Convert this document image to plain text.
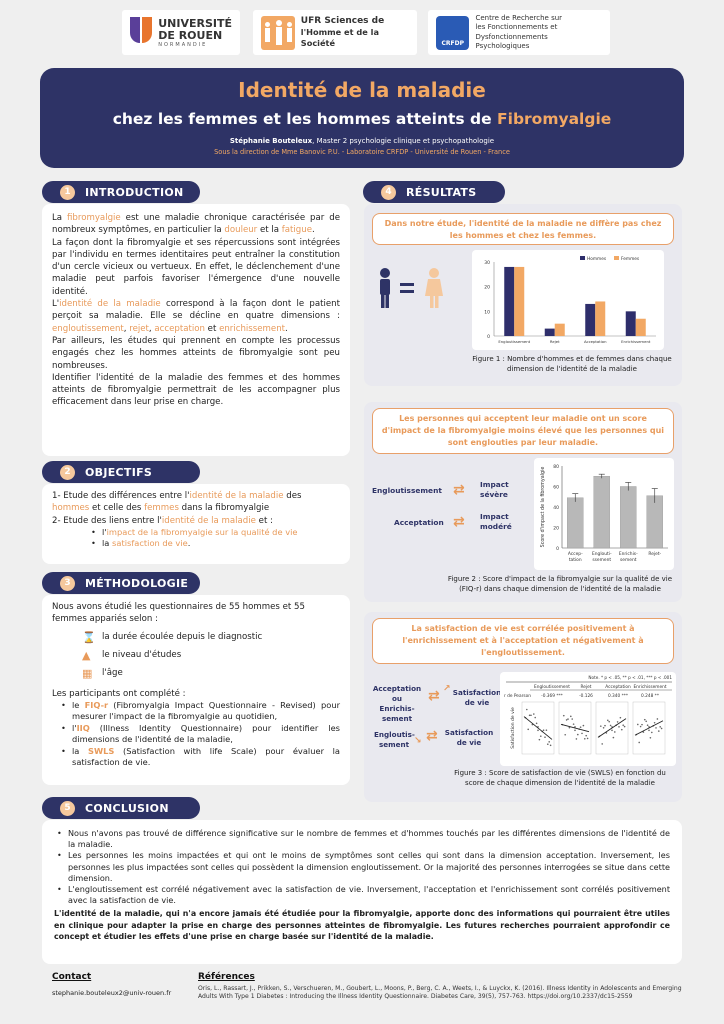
UNIVERSITÉ
DE ROUEN
NORMANDIE
UFR Sciences de
l'Homme et de la Société	CRFDP
Centre de Recherche sur
les Fonctionnements et
Dysfonctionnements Psychologiques
Identité de la maladie
chez les femmes et les hommes atteints de Fibromyalgie
Stéphanie Bouteleux, Master 2 psychologie clinique et psychopathologie
Sous la direction de Mme Banovic P.U. - Laboratoire CRFDP - Université de Rouen - France
1	INTRODUCTION

La fibromyalgie est une maladie chronique caractérisée par de nombreux symptômes, en particulier la douleur et la fatigue.

La façon dont la fibromyalgie et ses répercussions sont intégrées par l'individu en termes identitaires peut entraîner la constitution d'un cercle vicieux ou vertueux. En effet, le déclenchement d'une maladie peut parfois favoriser l'émergence d'une nouvelle identité.

L'identité de la maladie correspond à la façon dont le patient perçoit sa maladie. Elle se décline en quatre dimensions : engloutissement, rejet, acceptation et enrichissement.

Par ailleurs, les études qui prennent en compte les processus engagés chez les hommes atteints de fibromyalgie sont peu nombreuses.

Identifier l'identité de la maladie des femmes et des hommes atteints de fibromyalgie permettrait de les accompagner plus efficacement dans leur prise en charge.

2	OBJECTIFS

1- Etude des différences entre l'identité de la maladie des hommes et celle des femmes dans la fibromyalgie

2- Etude des liens entre l'identité de la maladie et :

• l'impact de la fibromyalgie sur la qualité de vie
• la satisfaction de vie.
3	MÉTHODOLOGIE

Nous avons étudié les questionnaires de 55 hommes et 55 femmes appariés selon :

⌛ la durée écoulée depuis le diagnostic
▲	le niveau d'études
▦	l'âge

Les participants ont complété :

• le FIQ-r (Fibromyalgia Impact Questionnaire - Revised) pour mesurer l'impact de la fibromyalgie au quotidien,
• l'IIQ (Illness Identity Questionnaire) pour identifier les dimensions de l'identité de la maladie,
• la SWLS (Satisfaction with life Scale) pour évaluer la satisfaction de vie.
4	RÉSULTATS
Dans notre étude, l'identité de la maladie ne diffère pas chez les hommes et chez les femmes.
0
10
20
30
Engloutissement	Rejet	Acceptation	Enrichissement
Hommes	Femmes
Figure 1 : Nombre d'hommes et de femmes dans chaque dimension de l'identité de la maladie
Les personnes qui acceptent leur maladie ont un score d'impact de la fibromyalgie moins élevé que les personnes qui sont englouties par leur maladie.
Engloutissement ⇄ Impact
sévère
Acceptation ⇄ Impact
modéré
0
20
40
60
80
Score d'impact de la fibromyalgie
Accep-
tation
Englouti-
ssement
Enrichis-
sement
Rejet-
Figure 2 : Score d'impact de la fibromyalgie sur la qualité de vie (FIQ-r) dans chaque dimension de l'identité de la maladie
La satisfaction de vie est corrélée positivement à l'enrichissement et à l'acceptation et négativement à l'engloutissement.
Acceptation ou
Enrichis-
sement
⇄ ↗ Satisfaction
de vie
Engloutis-
sement ↘ ⇄ Satisfaction
de vie
Note. * p < .05, ** p < .01, *** p < .001
Engloutissement Rejet	Acceptation Enrichissement
r de Pearson -0.369 ***	-0.126	0.340 ***	0.248 **
Satisfaction de vie
Figure 3 : Score de satisfaction de vie (SWLS) en fonction du score de chaque dimension de l'identité de la maladie
5	CONCLUSION
• Nous n'avons pas trouvé de différence significative sur le nombre de femmes et d'hommes touchés par les différentes dimensions de l'identité de la maladie.
• Les personnes les moins impactées et qui ont le moins de symptômes sont celles qui sont dans la dimension acceptation. Inversement, les personnes les plus impactées sont celles qui possèdent la dimension engloutissement. Or la majorité des personnes interrogées se situe dans cette dimension.
• L'engloutissement est corrélé négativement avec la satisfaction de vie. Inversement, l'acceptation et l'enrichissement sont corrélés positivement avec la satisfaction de vie.

L'identité de la maladie, qui n'a encore jamais été étudiée pour la fibromyalgie, apporte donc des informations qui pourraient être utiles en clinique pour adapter la prise en charge des personnes atteintes de fibromyalgie. Les futures recherches pourraient approfondir ce concept et étudier les effets d'une prise en charge basée sur l'identité de la maladie.

Contact
stephanie.bouteleux2@univ-rouen.fr
Références
Oris, L., Rassart, J., Prikken, S., Verschueren, M., Goubert, L., Moons, P., Berg, C. A., Weets, I., & Luyckx, K. (2016). Illness Identity in Adolescents and Emerging Adults With Type 1 Diabetes : Introducing the Illness Identity Questionnaire. Diabetes Care, 39(5), 757-763. https://doi.org/10.2337/dc15-2559
